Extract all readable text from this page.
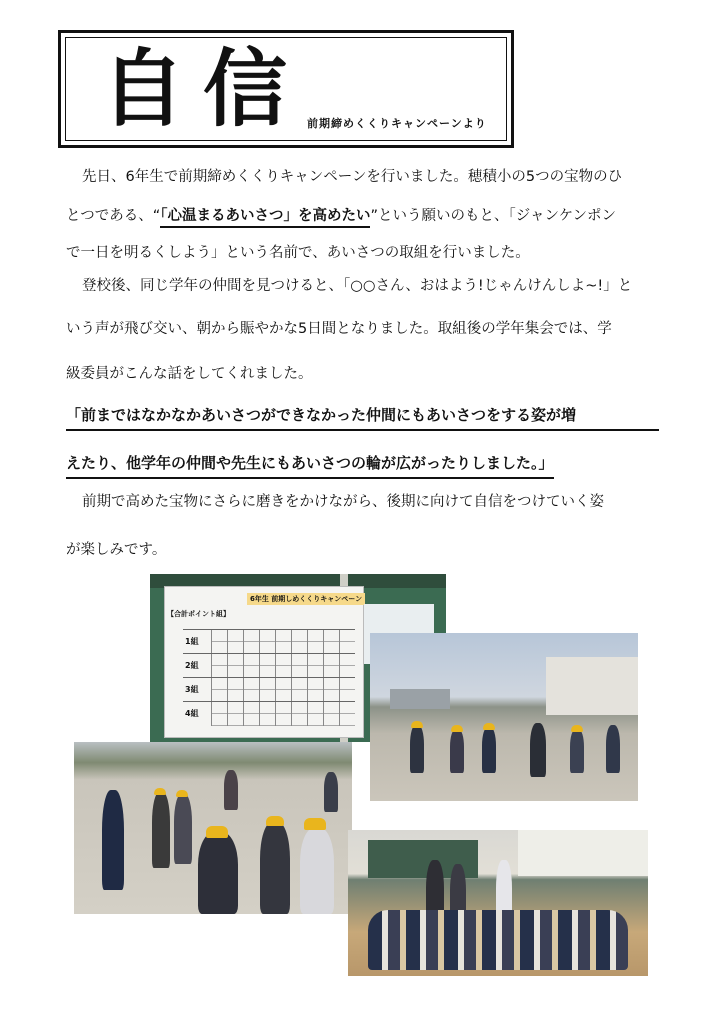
自信 前期締めくくりキャンペーンより
先日、6年生で前期締めくくりキャンペーンを行いました。穂積小の5つの宝物のひ
とつである、“「心温まるあいさつ」を高めたい”という願いのもと、「ジャンケンポン
で一日を明るくしよう」という名前で、あいさつの取組を行いました。
登校後、同じ学年の仲間を見つけると、「○○さん、おはよう!じゃんけんしよ~!」と
いう声が飛び交い、朝から賑やかな5日間となりました。取組後の学年集会では、学
級委員がこんな話をしてくれました。
「前まではなかなかあいさつができなかった仲間にもあいさつをする姿が増
えたり、他学年の仲間や先生にもあいさつの輪が広がったりしました。」
前期で高めた宝物にさらに磨きをかけながら、後期に向けて自信をつけていく姿
が楽しみです。
6年生 前期しめくくりキャンペーン
【合計ポイント組】
1組
2組
3組
4組
